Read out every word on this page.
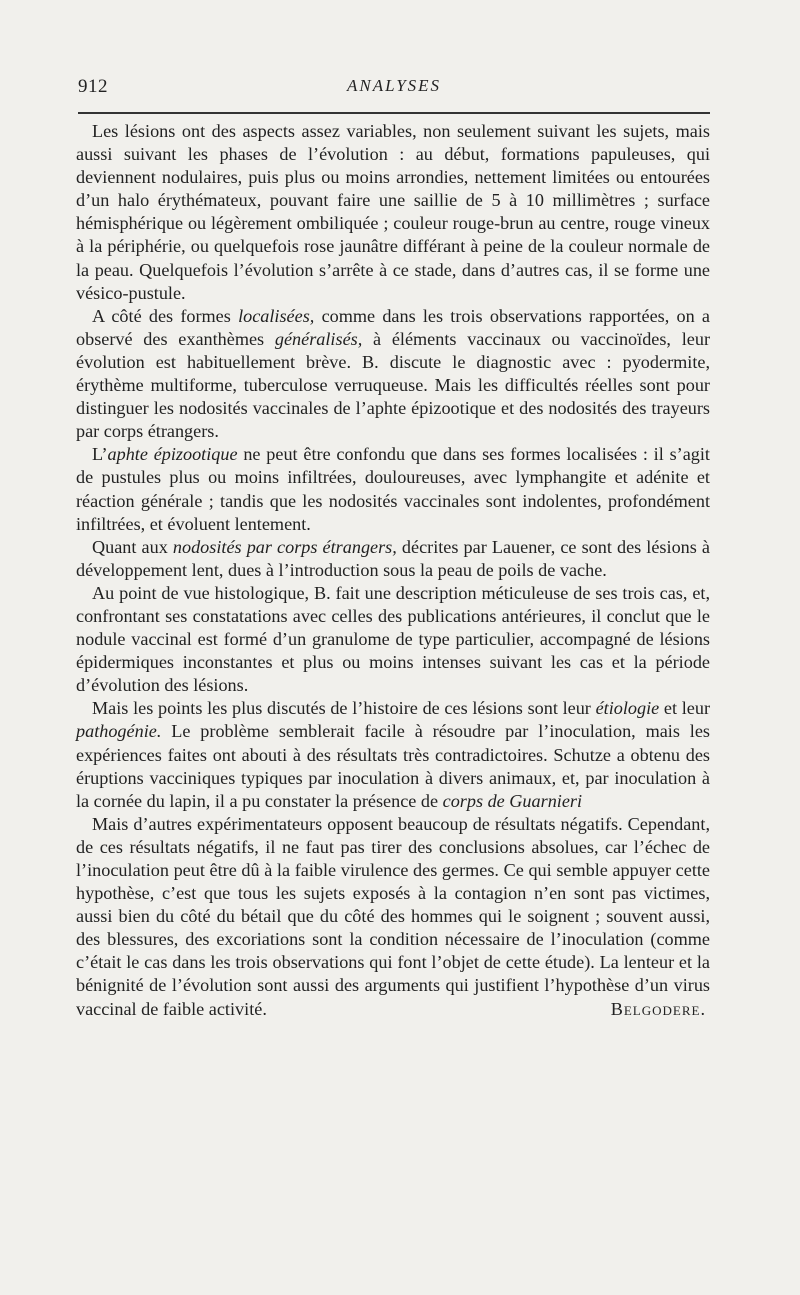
912	ANALYSES

Les lésions ont des aspects assez variables, non seulement suivant les sujets, mais aussi suivant les phases de l’évolution : au début, formations papuleuses, qui deviennent nodulaires, puis plus ou moins arrondies, nettement limitées ou entourées d’un halo érythémateux, pouvant faire une saillie de 5 à 10 millimètres ; surface hémisphérique ou légèrement ombiliquée ; couleur rouge-brun au centre, rouge vineux à la périphérie, ou quelquefois rose jaunâtre différant à peine de la couleur normale de la peau. Quelquefois l’évolution s’arrête à ce stade, dans d’autres cas, il se forme une vésico-pustule.

A côté des formes localisées, comme dans les trois observations rapportées, on a observé des exanthèmes généralisés, à éléments vaccinaux ou vaccinoïdes, leur évolution est habituellement brève. B. discute le diagnostic avec : pyodermite, érythème multiforme, tuberculose verruqueuse. Mais les difficultés réelles sont pour distinguer les nodosités vaccinales de l’aphte épizootique et des nodosités des trayeurs par corps étrangers.

L’aphte épizootique ne peut être confondu que dans ses formes localisées : il s’agit de pustules plus ou moins infiltrées, douloureuses, avec lymphangite et adénite et réaction générale ; tandis que les nodosités vaccinales sont indolentes, profondément infiltrées, et évoluent lentement.

Quant aux nodosités par corps étrangers, décrites par Lauener, ce sont des lésions à développement lent, dues à l’introduction sous la peau de poils de vache.

Au point de vue histologique, B. fait une description méticuleuse de ses trois cas, et, confrontant ses constatations avec celles des publications antérieures, il conclut que le nodule vaccinal est formé d’un granulome de type particulier, accompagné de lésions épidermiques inconstantes et plus ou moins intenses suivant les cas et la période d’évolution des lésions.

Mais les points les plus discutés de l’histoire de ces lésions sont leur étiologie et leur pathogénie. Le problème semblerait facile à résoudre par l’inoculation, mais les expériences faites ont abouti à des résultats très contradictoires. Schutze a obtenu des éruptions vacciniques typiques par inoculation à divers animaux, et, par inoculation à la cornée du lapin, il a pu constater la présence de corps de Guarnieri

Mais d’autres expérimentateurs opposent beaucoup de résultats négatifs. Cependant, de ces résultats négatifs, il ne faut pas tirer des conclusions absolues, car l’échec de l’inoculation peut être dû à la faible virulence des germes. Ce qui semble appuyer cette hypothèse, c’est que tous les sujets exposés à la contagion n’en sont pas victimes, aussi bien du côté du bétail que du côté des hommes qui le soignent ; souvent aussi, des blessures, des excoriations sont la condition nécessaire de l’inoculation (comme c’était le cas dans les trois observations qui font l’objet de cette étude). La lenteur et la bénignité de l’évolution sont aussi des arguments qui justifient l’hypothèse d’un virus vaccinal de faible activité.	Belgodere.
